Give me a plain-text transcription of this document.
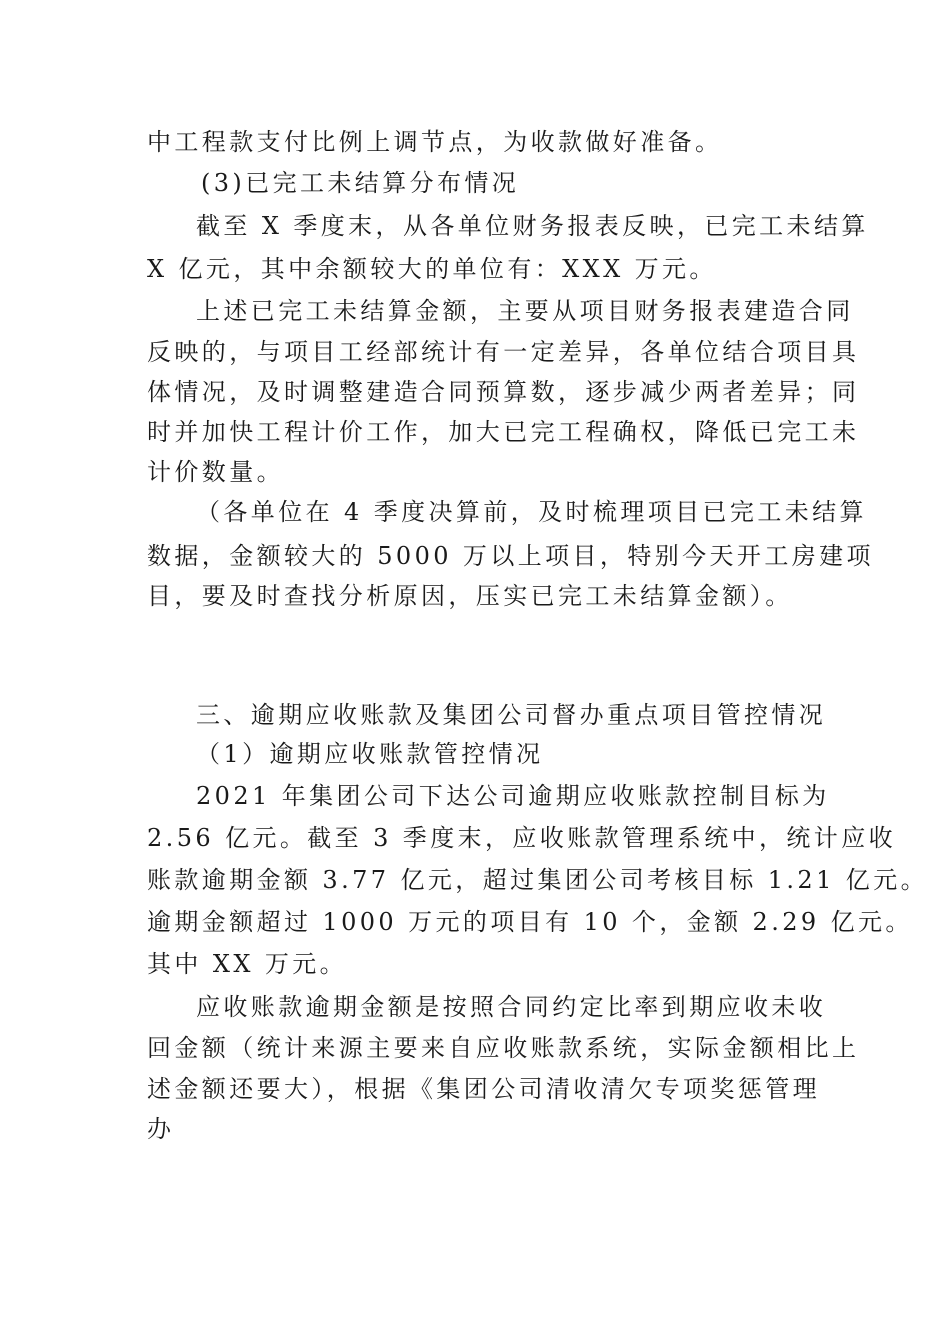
中工程款支付比例上调节点，为收款做好准备。
(3)已完工未结算分布情况
截至 X 季度末，从各单位财务报表反映，已完工未结算
X 亿元，其中余额较大的单位有：XXX 万元。
上述已完工未结算金额，主要从项目财务报表建造合同
反映的，与项目工经部统计有一定差异，各单位结合项目具
体情况，及时调整建造合同预算数，逐步减少两者差异；同
时并加快工程计价工作，加大已完工程确权，降低已完工未
计价数量。
（各单位在 4 季度决算前，及时梳理项目已完工未结算
数据，金额较大的 5000 万以上项目，特别今天开工房建项
目，要及时查找分析原因，压实已完工未结算金额）。
三、逾期应收账款及集团公司督办重点项目管控情况
（1）逾期应收账款管控情况
2021 年集团公司下达公司逾期应收账款控制目标为
2.56 亿元。截至 3 季度末，应收账款管理系统中，统计应收
账款逾期金额 3.77 亿元，超过集团公司考核目标 1.21 亿元。
逾期金额超过 1000 万元的项目有 10 个，金额 2.29 亿元。
其中 XX 万元。
应收账款逾期金额是按照合同约定比率到期应收未收
回金额（统计来源主要来自应收账款系统，实际金额相比上
述金额还要大），根据《集团公司清收清欠专项奖惩管理
办
